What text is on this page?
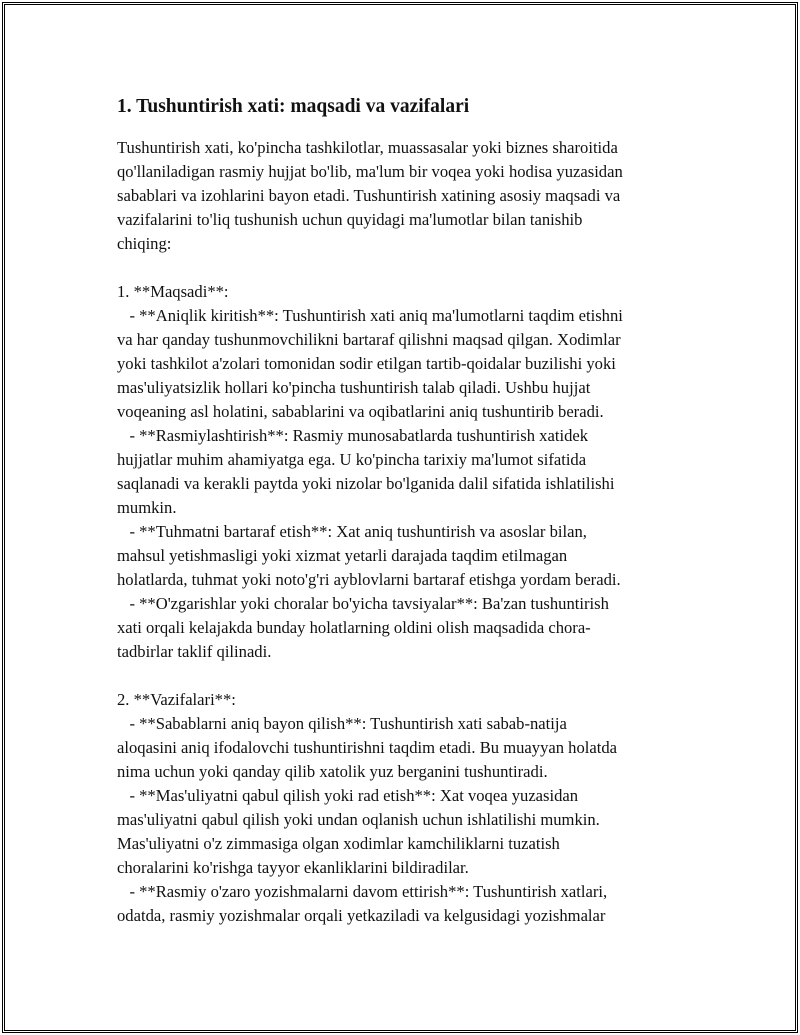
1. Tushuntirish xati: maqsadi va vazifalari

Tushuntirish xati, ko'pincha tashkilotlar, muassasalar yoki biznes sharoitida

qo'llaniladigan rasmiy hujjat bo'lib, ma'lum bir voqea yoki hodisa yuzasidan

sabablari va izohlarini bayon etadi. Tushuntirish xatining asosiy maqsadi va

vazifalarini to'liq tushunish uchun quyidagi ma'lumotlar bilan tanishib

chiqing:

1. **Maqsadi**:

- **Aniqlik kiritish**: Tushuntirish xati aniq ma'lumotlarni taqdim etishni

va har qanday tushunmovchilikni bartaraf qilishni maqsad qilgan. Xodimlar

yoki tashkilot a'zolari tomonidan sodir etilgan tartib-qoidalar buzilishi yoki

mas'uliyatsizlik hollari ko'pincha tushuntirish talab qiladi. Ushbu hujjat

voqeaning asl holatini, sabablarini va oqibatlarini aniq tushuntirib beradi.

- **Rasmiylashtirish**: Rasmiy munosabatlarda tushuntirish xatidek

hujjatlar muhim ahamiyatga ega. U ko'pincha tarixiy ma'lumot sifatida

saqlanadi va kerakli paytda yoki nizolar bo'lganida dalil sifatida ishlatilishi

mumkin.

- **Tuhmatni bartaraf etish**: Xat aniq tushuntirish va asoslar bilan,

mahsul yetishmasligi yoki xizmat yetarli darajada taqdim etilmagan

holatlarda, tuhmat yoki noto'g'ri ayblovlarni bartaraf etishga yordam beradi.

- **O'zgarishlar yoki choralar bo'yicha tavsiyalar**: Ba'zan tushuntirish

xati orqali kelajakda bunday holatlarning oldini olish maqsadida chora-

tadbirlar taklif qilinadi.

2. **Vazifalari**:

- **Sabablarni aniq bayon qilish**: Tushuntirish xati sabab-natija

aloqasini aniq ifodalovchi tushuntirishni taqdim etadi. Bu muayyan holatda

nima uchun yoki qanday qilib xatolik yuz berganini tushuntiradi.

- **Mas'uliyatni qabul qilish yoki rad etish**: Xat voqea yuzasidan

mas'uliyatni qabul qilish yoki undan oqlanish uchun ishlatilishi mumkin.

Mas'uliyatni o'z zimmasiga olgan xodimlar kamchiliklarni tuzatish

choralarini ko'rishga tayyor ekanliklarini bildiradilar.

- **Rasmiy o'zaro yozishmalarni davom ettirish**: Tushuntirish xatlari,

odatda, rasmiy yozishmalar orqali yetkaziladi va kelgusidagi yozishmalar
